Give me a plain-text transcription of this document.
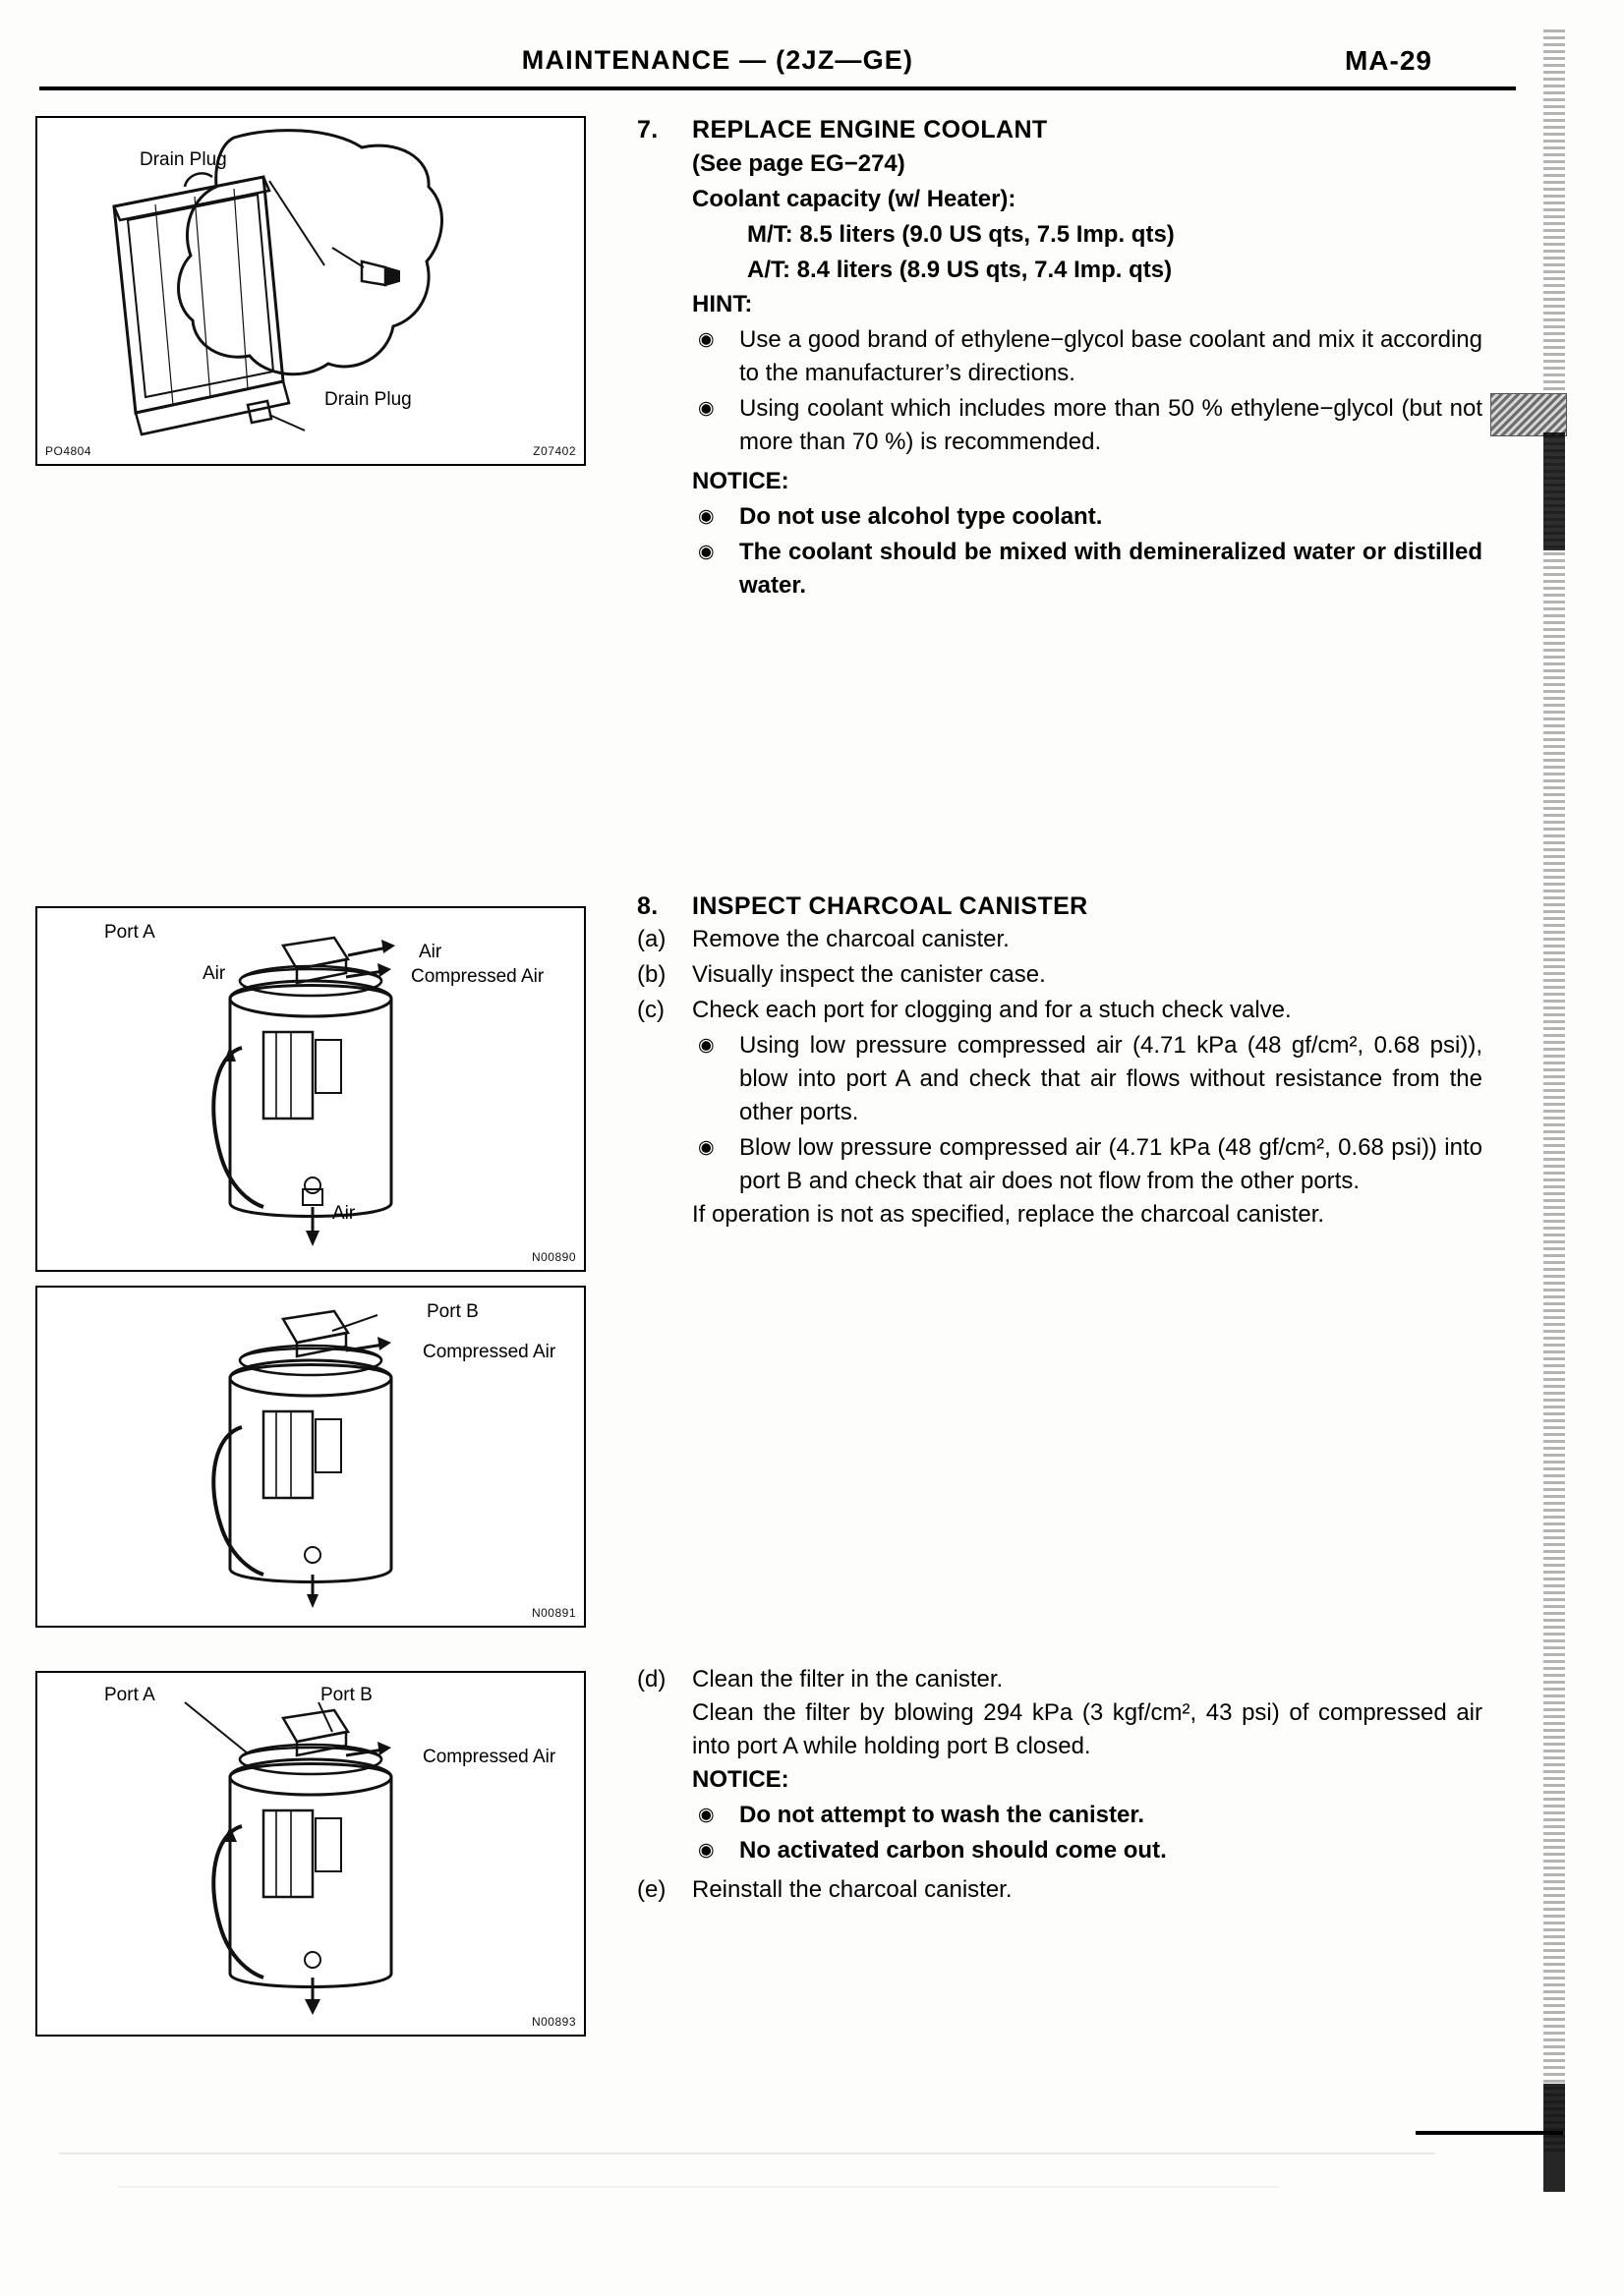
MAINTENANCE — (2JZ—GE)	MA-29
Drain Plug
Drain Plug
PO4804	Z07402
Port A
Air
Air	Compressed Air
Air
N00890
Port B
Compressed Air
N00891
Port A	Port B
Compressed Air
N00893
7.	REPLACE ENGINE COOLANT
(See page EG−274)
Coolant capacity (w/ Heater):
M/T: 8.5 liters (9.0 US qts, 7.5 Imp. qts)
A/T: 8.4 liters (8.9 US qts, 7.4 Imp. qts)
HINT:
◉	Use a good brand of ethylene−glycol base coolant and mix it according to the manufacturer’s directions.
◉	Using coolant which includes more than 50 % ethylene−glycol (but not more than 70 %) is recommended.
NOTICE:
◉	Do not use alcohol type coolant.
◉	The coolant should be mixed with demineralized water or distilled water.
8.	INSPECT CHARCOAL CANISTER
(a)	Remove the charcoal canister.
(b)	Visually inspect the canister case.
(c)	Check each port for clogging and for a stuch check valve.
◉	Using low pressure compressed air (4.71 kPa (48 gf/cm², 0.68 psi)), blow into port A and check that air flows without resistance from the other ports.
◉	Blow low pressure compressed air (4.71 kPa (48 gf/cm², 0.68 psi)) into port B and check that air does not flow from the other ports.
If operation is not as specified, replace the charcoal canister.
(d)	Clean the filter in the canister.
Clean the filter by blowing 294 kPa (3 kgf/cm², 43 psi) of compressed air into port A while holding port B closed.
NOTICE:
◉	Do not attempt to wash the canister.
◉	No activated carbon should come out.
(e)	Reinstall the charcoal canister.
